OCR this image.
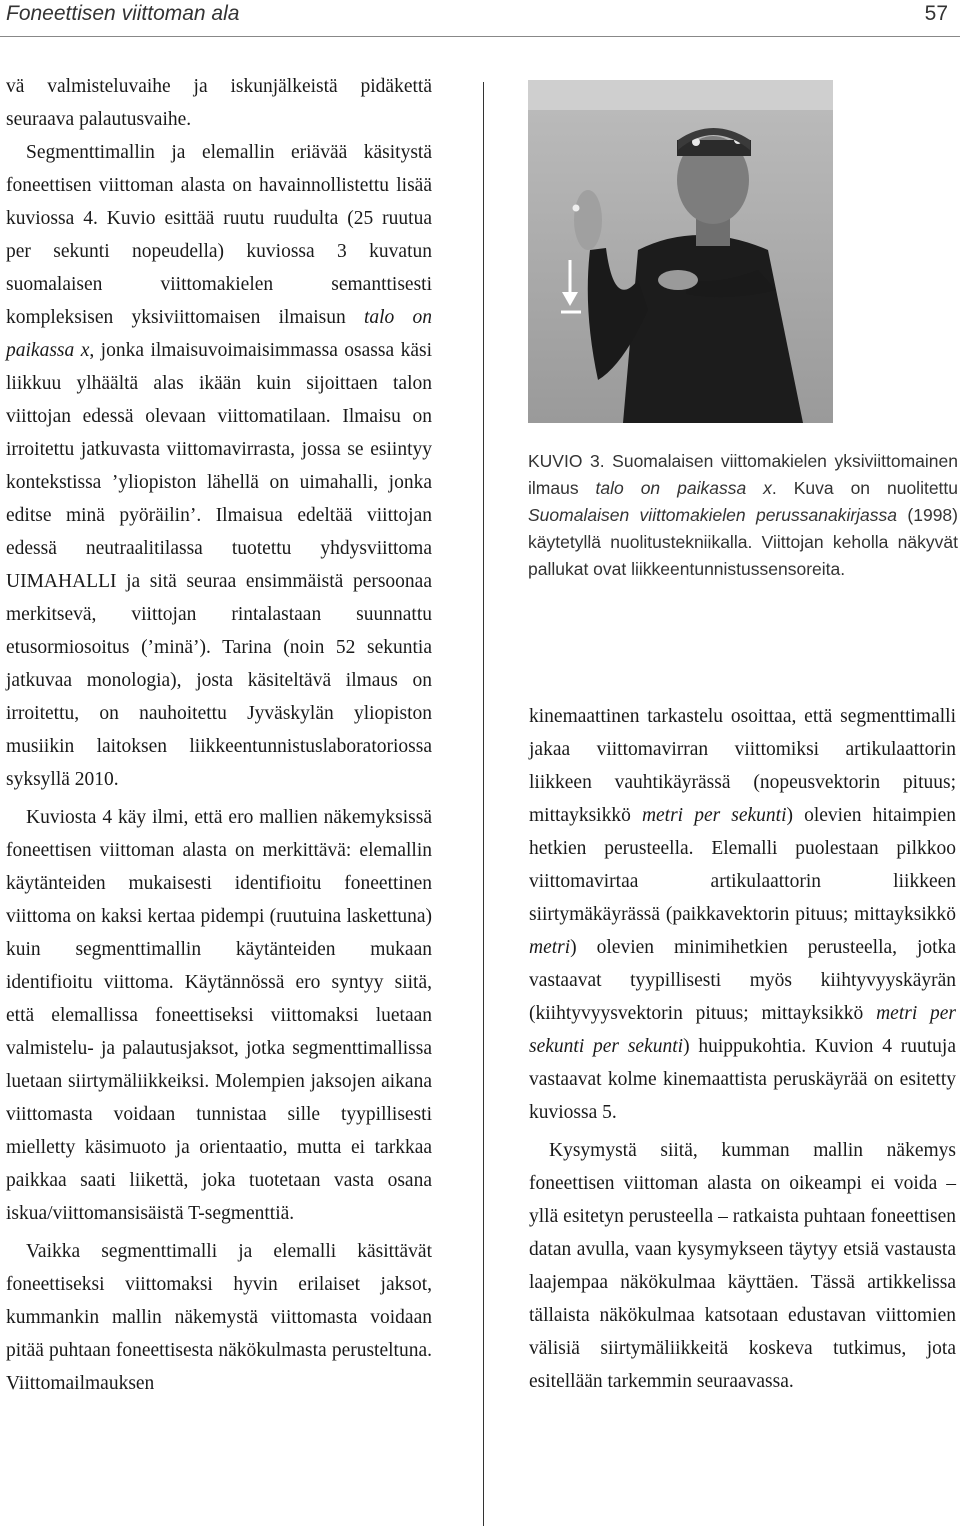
Foneettisen viittoman ala	57

vä valmisteluvaihe ja iskunjälkeistä pidäkettä seuraava palautusvaihe.

Segmenttimallin ja elemallin eriävää käsitystä foneettisen viittoman alasta on havainnollistettu lisää kuviossa 4. Kuvio esittää ruutu ruudulta (25 ruutua per sekunti nopeudella) kuviossa 3 kuvatun suomalaisen viittomakielen semanttisesti kompleksisen yksiviittomaisen ilmaisun talo on paikassa x, jonka ilmaisuvoimaisimmassa osassa käsi liikkuu ylhäältä alas ikään kuin sijoittaen talon viittojan edessä olevaan viittomatilaan. Ilmaisu on irroitettu jatkuvasta viittomavirrasta, jossa se esiintyy kontekstissa ’yliopiston lähellä on uimahalli, jonka editse minä pyöräilin’. Ilmaisua edeltää viittojan edessä neutraalitilassa tuotettu yhdysviittoma UIMAHALLI ja sitä seuraa ensimmäistä persoonaa merkitsevä, viittojan rintalastaan suunnattu etusormiosoitus (’minä’). Tarina (noin 52 sekuntia jatkuvaa monologia), josta käsiteltävä ilmaus on irroitettu, on nauhoitettu Jyväskylän yliopiston musiikin laitoksen liikkeentunnistuslaboratoriossa syksyllä 2010.

Kuviosta 4 käy ilmi, että ero mallien näkemyksissä foneettisen viittoman alasta on merkittävä: elemallin käytänteiden mukaisesti identifioitu foneettinen viittoma on kaksi kertaa pidempi (ruutuina laskettuna) kuin segmenttimallin käytänteiden mukaan identifioitu viittoma. Käytännössä ero syntyy siitä, että elemallissa foneettiseksi viittomaksi luetaan valmistelu- ja palautusjaksot, jotka segmenttimallissa luetaan siirtymäliikkeiksi. Molempien jaksojen aikana viittomasta voidaan tunnistaa sille tyypillisesti mielletty käsimuoto ja orientaatio, mutta ei tarkkaa paikkaa saati liikettä, joka tuotetaan vasta osana iskua/viittomansisäistä T-segmenttiä.

Vaikka segmenttimalli ja elemalli käsittävät foneettiseksi viittomaksi hyvin erilaiset jaksot, kummankin mallin näkemystä viittomasta voidaan pitää puhtaan foneettisesta näkökulmasta perusteltuna. Viittomailmauksen

KUVIO 3. Suomalaisen viittomakielen yksiviittomainen ilmaus talo on paikassa x. Kuva on nuolitettu Suomalaisen viittomakielen perussanakirjassa (1998) käytetyllä nuolitustekniikalla. Viittojan keholla näkyvät pallukat ovat liikkeentunnistussensoreita.

kinemaattinen tarkastelu osoittaa, että segmenttimalli jakaa viittomavirran viittomiksi artikulaattorin liikkeen vauhtikäyrässä (nopeusvektorin pituus; mittayksikkö metri per sekunti) olevien hitaimpien hetkien perusteella. Elemalli puolestaan pilkkoo viittomavirtaa artikulaattorin liikkeen siirtymäkäyrässä (paikkavektorin pituus; mittayksikkö metri) olevien minimihetkien perusteella, jotka vastaavat tyypillisesti myös kiihtyvyyskäyrän (kiihtyvyysvektorin pituus; mittayksikkö metri per sekunti per sekunti) huippukohtia. Kuvion 4 ruutuja vastaavat kolme kinemaattista peruskäyrää on esitetty kuviossa 5.

Kysymystä siitä, kumman mallin näkemys foneettisen viittoman alasta on oikeampi ei voida – yllä esitetyn perusteella – ratkaista puhtaan foneettisen datan avulla, vaan kysymykseen täytyy etsiä vastausta laajempaa näkökulmaa käyttäen. Tässä artikkelissa tällaista näkökulmaa katsotaan edustavan viittomien välisiä siirtymäliikkeitä koskeva tutkimus, jota esitellään tarkemmin seuraavassa.
